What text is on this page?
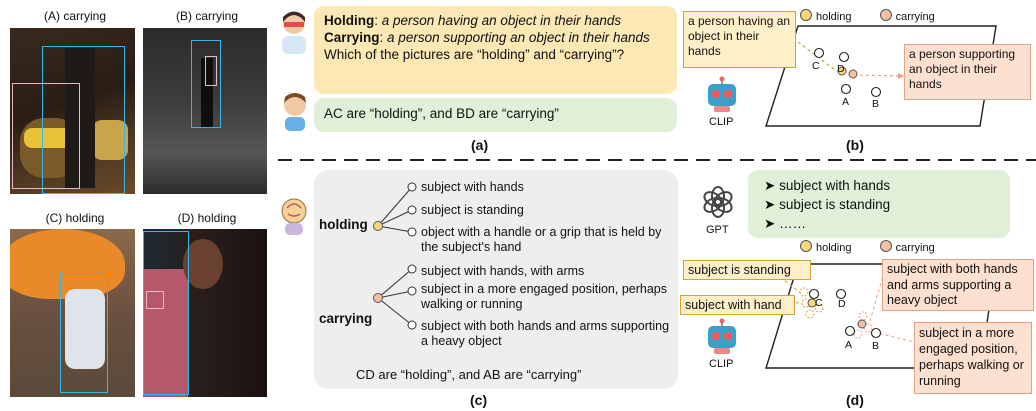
(A) carrying	(B) carrying
(C) holding	(D) holding
Holding: a person having an object in their hands
Carrying: a person supporting an object in their hands
Which of the pictures are “holding” and “carrying”?
AC are “holding”, and BD are “carrying”
(a)
holding	carrying
C D
A B
a person having an object in their hands	a person supporting an object in their hands
CLIP
(b)
holding
carrying
subject with hands
subject is standing
object with a handle or a grip that is held by the subject's hand
subject with hands, with arms
subject in a more engaged position, perhaps walking or running
subject with both hands and arms supporting a heavy object
CD are “holding”, and AB are “carrying”
(c)
GPT
➤ subject with hands
➤ subject is standing
➤ ……
holding	carrying
C D
A B
subject is standing
subject with hand
subject with both hands and arms supporting a heavy object
subject in a more engaged position, perhaps walking or running
CLIP
(d)
